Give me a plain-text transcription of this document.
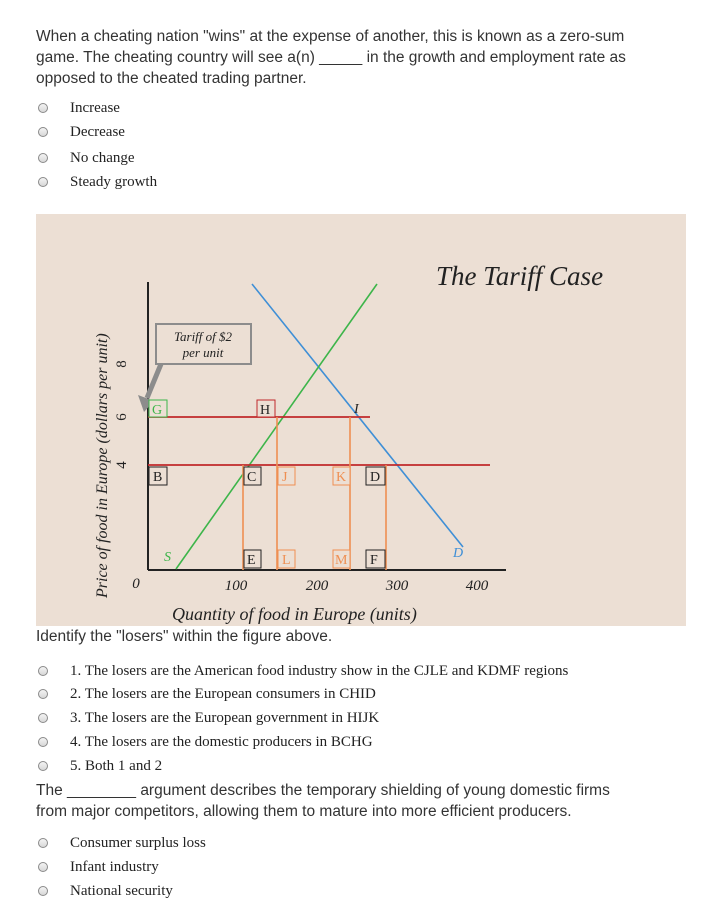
When a cheating nation "wins" at the expense of another, this is known as a zero-sum
game. The cheating country will see a(n) _____ in the growth and employment rate as
opposed to the cheated trading partner.
Increase
Decrease
No change
Steady growth
Tariff of $2
per unit
The Tariff Case
Price of food in Europe (dollars per unit)
Quantity of food in Europe (units)
8
6
4
0	100	200	300	400
G	H	I
B	C J	K D
E L	M F
S	D
Identify the "losers" within the figure above.
1. The losers are the American food industry show in the CJLE and KDMF regions
2. The losers are the European consumers in CHID
3. The losers are the European government in HIJK
4. The losers are the domestic producers in BCHG
5. Both 1 and 2
The ________ argument describes the temporary shielding of young domestic firms
from major competitors, allowing them to mature into more efficient producers.
Consumer surplus loss
Infant industry
National security
